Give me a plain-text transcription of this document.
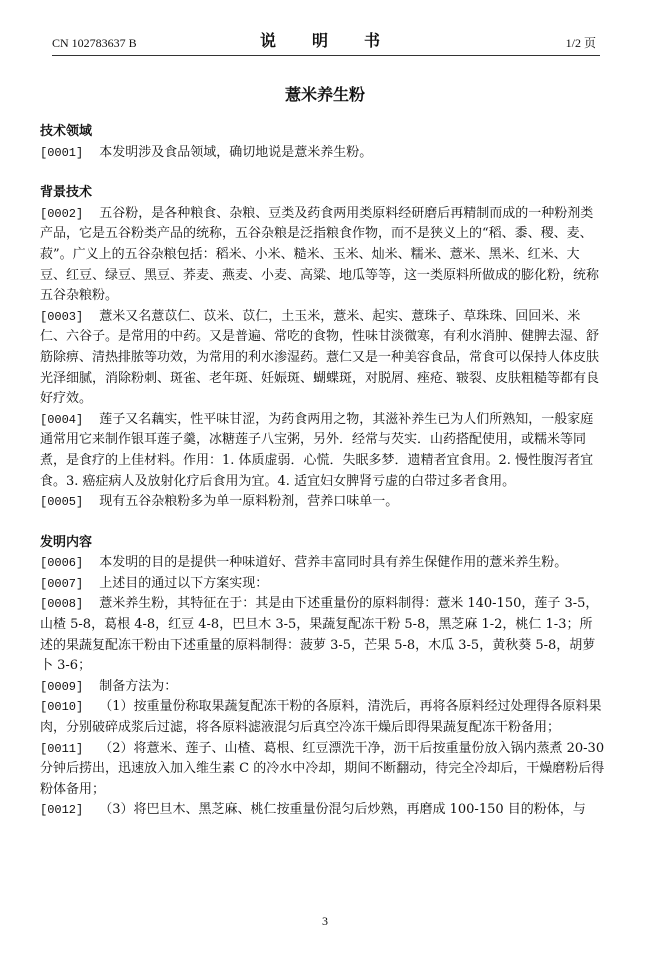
CN 102783637 B	说　明　书	1/2 页
薏米养生粉
技术领域
[0001] 本发明涉及食品领域，确切地说是薏米养生粉。
背景技术
[0002] 五谷粉，是各种粮食、杂粮、豆类及药食两用类原料经研磨后再精制而成的一种粉剂类产品，它是五谷粉类产品的统称，五谷杂粮是泛指粮食作物，而不是狭义上的“稻、黍、稷、麦、菽”。广义上的五谷杂粮包括：稻米、小米、糙米、玉米、灿米、糯米、薏米、黑米、红米、大豆、红豆、绿豆、黑豆、荞麦、燕麦、小麦、高粱、地瓜等等，这一类原料所做成的膨化粉，统称五谷杂粮粉。
[0003] 薏米又名薏苡仁、苡米、苡仁，土玉米，薏米、起实、薏珠子、草珠珠、回回米、米仁、六谷子。是常用的中药。又是普遍、常吃的食物，性味甘淡微寒，有利水消肿、健脾去湿、舒筋除痹、清热排脓等功效，为常用的利水渗湿药。薏仁又是一种美容食品，常食可以保持人体皮肤光泽细腻，消除粉刺、斑雀、老年斑、妊娠斑、蝴蝶斑，对脱屑、痤疮、皲裂、皮肤粗糙等都有良好疗效。
[0004] 莲子又名藕实，性平味甘涩，为药食两用之物，其滋补养生已为人们所熟知，一般家庭通常用它来制作银耳莲子羹，冰糖莲子八宝粥，另外．经常与芡实．山药搭配使用，或糯米等同煮，是食疗的上佳材料。作用：1. 体质虚弱．心慌．失眠多梦．遗精者宜食用。2. 慢性腹泻者宜食。3. 癌症病人及放射化疗后食用为宜。4. 适宜妇女脾肾亏虚的白带过多者食用。
[0005] 现有五谷杂粮粉多为单一原料粉剂，营养口味单一。
发明内容
[0006] 本发明的目的是提供一种味道好、营养丰富同时具有养生保健作用的薏米养生粉。
[0007] 上述目的通过以下方案实现：
[0008] 薏米养生粉，其特征在于：其是由下述重量份的原料制得：薏米 140-150，莲子 3-5，山楂 5-8，葛根 4-8，红豆 4-8，巴旦木 3-5，果蔬复配冻干粉 5-8，黑芝麻 1-2，桃仁 1-3；所述的果蔬复配冻干粉由下述重量的原料制得：菠萝 3-5，芒果 5-8，木瓜 3-5，黄秋葵 5-8，胡萝卜 3-6；
[0009] 制备方法为：
[0010] （1）按重量份称取果蔬复配冻干粉的各原料，清洗后，再将各原料经过处理得各原料果肉，分别破碎成浆后过滤，将各原料滤液混匀后真空冷冻干燥后即得果蔬复配冻干粉备用；
[0011] （2）将薏米、莲子、山楂、葛根、红豆漂洗干净，沥干后按重量份放入锅内蒸煮 20-30 分钟后捞出，迅速放入加入维生素 C 的冷水中冷却，期间不断翻动，待完全冷却后，干燥磨粉后得粉体备用；
[0012] （3）将巴旦木、黑芝麻、桃仁按重量份混匀后炒熟，再磨成 100-150 目的粉体，与
3
